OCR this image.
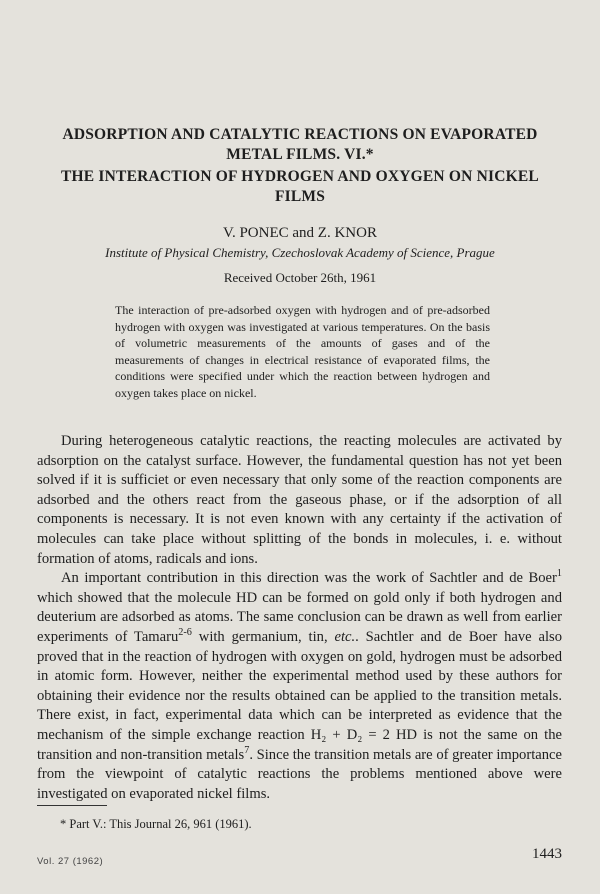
ADSORPTION AND CATALYTIC REACTIONS ON EVAPORATED METAL FILMS. VI.*
THE INTERACTION OF HYDROGEN AND OXYGEN ON NICKEL FILMS
V. PONEC and Z. KNOR
Institute of Physical Chemistry, Czechoslovak Academy of Science, Prague
Received October 26th, 1961
The interaction of pre-adsorbed oxygen with hydrogen and of pre-adsorbed hydrogen with oxygen was investigated at various temperatures. On the basis of volumetric measurements of the amounts of gases and of the measurements of changes in electrical resistance of evaporated films, the conditions were specified under which the reaction between hydrogen and oxygen takes place on nickel.

During heterogeneous catalytic reactions, the reacting molecules are activated by adsorption on the catalyst surface. However, the fundamental question has not yet been solved if it is sufficiet or even necessary that only some of the reaction components are adsorbed and the others react from the gaseous phase, or if the adsorption of all components is necessary. It is not even known with any certainty if the activation of molecules can take place without splitting of the bonds in molecules, i. e. without formation of atoms, radicals and ions.

An important contribution in this direction was the work of Sachtler and de Boer$^1$ which showed that the molecule HD can be formed on gold only if both hydrogen and deuterium are adsorbed as atoms. The same conclusion can be drawn as well from earlier experiments of Tamaru$^{2-6}$ with germanium, tin, etc.. Sachtler and de Boer have also proved that in the reaction of hydrogen with oxygen on gold, hydrogen must be adsorbed in atomic form. However, neither the experimental method used by these authors for obtaining their evidence nor the results obtained can be applied to the transition metals. There exist, in fact, experimental data which can be interpreted as evidence that the mechanism of the simple exchange reaction H₂ + D₂ = 2 HD is not the same on the transition and non-transition metals$^7$. Since the transition metals are of greater importance from the viewpoint of catalytic reactions the problems mentioned above were investigated on evaporated nickel films.

* Part V.: This Journal 26, 961 (1961).
Vol. 27 (1962)	1443
